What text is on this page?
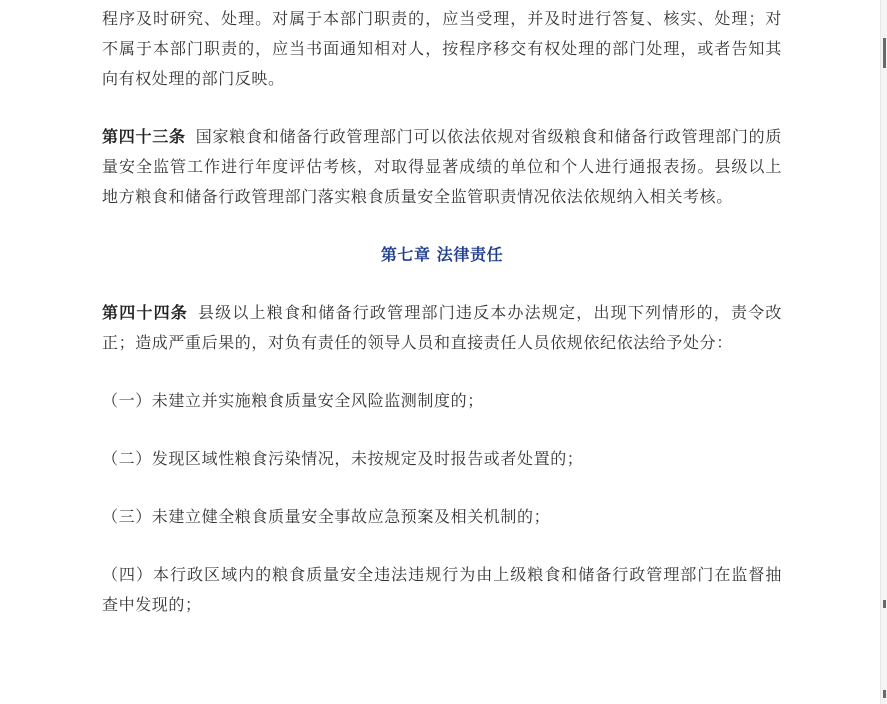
程序及时研究、处理。对属于本部门职责的，应当受理，并及时进行答复、核实、处理；对不属于本部门职责的，应当书面通知相对人，按程序移交有权处理的部门处理，或者告知其向有权处理的部门反映。

第四十三条 国家粮食和储备行政管理部门可以依法依规对省级粮食和储备行政管理部门的质量安全监管工作进行年度评估考核，对取得显著成绩的单位和个人进行通报表扬。县级以上地方粮食和储备行政管理部门落实粮食质量安全监管职责情况依法依规纳入相关考核。

第七章 法律责任

第四十四条 县级以上粮食和储备行政管理部门违反本办法规定，出现下列情形的，责令改正；造成严重后果的，对负有责任的领导人员和直接责任人员依规依纪依法给予处分：

（一）未建立并实施粮食质量安全风险监测制度的；

（二）发现区域性粮食污染情况，未按规定及时报告或者处置的；

（三）未建立健全粮食质量安全事故应急预案及相关机制的；

（四）本行政区域内的粮食质量安全违法违规行为由上级粮食和储备行政管理部门在监督抽查中发现的；
